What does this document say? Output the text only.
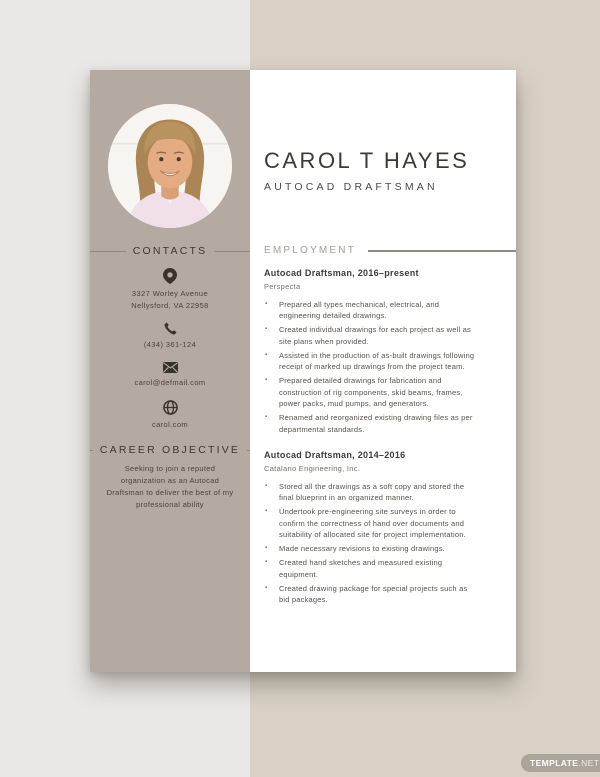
CONTACTS
3327 Worley Avenue
Nellysford, VA 22958
(434) 361-124
carol@defmail.com
carol.com
CAREER OBJECTIVE

Seeking to join a reputed organization as an Autocad Draftsman to deliver the best of my professional ability

CAROL T HAYES
AUTOCAD DRAFTSMAN
EMPLOYMENT
Autocad Draftsman, 2016–present

Perspecta

▪ Prepared all types mechanical, electrical, and engineering detailed drawings.
▪ Created individual drawings for each project as well as site plans when provided.
▪ Assisted in the production of as-built drawings following receipt of marked up drawings from the project team.
▪ Prepared detailed drawings for fabrication and construction of rig components, skid beams, frames, power packs, mud pumps, and generators.
▪ Renamed and reorganized existing drawing files as per departmental standards.
Autocad Draftsman, 2014–2016

Catalano Engineering, Inc.

▪ Stored all the drawings as a soft copy and stored the final blueprint in an organized manner.
▪ Undertook pre-engineering site surveys in order to confirm the correctness of hand over documents and suitability of allocated site for project implementation.
▪ Made necessary revisions to existing drawings.
▪ Created hand sketches and measured existing equipment.
▪ Created drawing package for special projects such as bid packages.
TEMPLATE .NET
